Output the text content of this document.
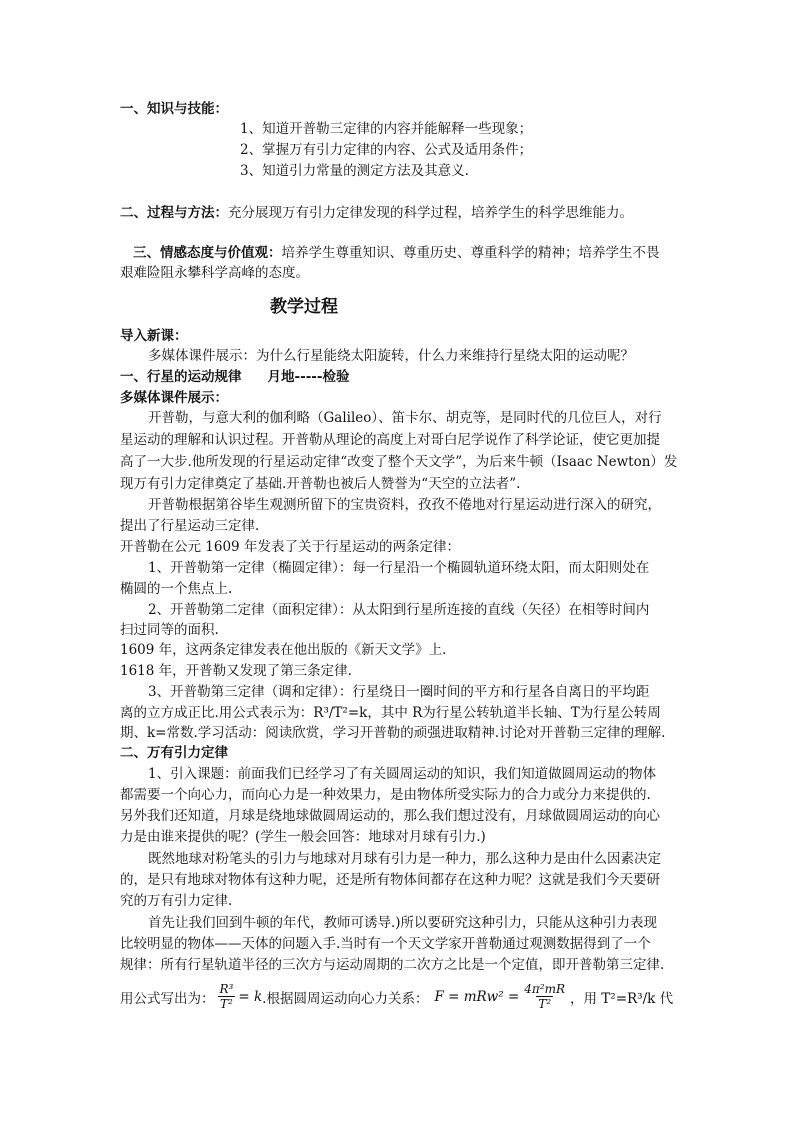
一、知识与技能：
1、知道开普勒三定律的内容并能解释一些现象；
2、掌握万有引力定律的内容、公式及适用条件；
3、知道引力常量的测定方法及其意义.
二、过程与方法：充分展现万有引力定律发现的科学过程，培养学生的科学思维能力。
三、情感态度与价值观：培养学生尊重知识、尊重历史、尊重科学的精神；培养学生不畏
艰难险阻永攀科学高峰的态度。
教学过程
导入新课：
多媒体课件展示：为什么行星能绕太阳旋转，什么力来维持行星绕太阳的运动呢？
一、行星的运动规律 月地-----检验
多媒体课件展示：
开普勒，与意大利的伽利略（Galileo）、笛卡尔、胡克等，是同时代的几位巨人，对行
星运动的理解和认识过程。开普勒从理论的高度上对哥白尼学说作了科学论证，使它更加提
高了一大步.他所发现的行星运动定律“改变了整个天文学”，为后来牛顿（Isaac Newton）发
现万有引力定律奠定了基础.开普勒也被后人赞誉为“天空的立法者”.
开普勒根据第谷毕生观测所留下的宝贵资料，孜孜不倦地对行星运动进行深入的研究，
提出了行星运动三定律.
开普勒在公元 1609 年发表了关于行星运动的两条定律：
1、开普勒第一定律（椭圆定律）：每一行星沿一个椭圆轨道环绕太阳，而太阳则处在
椭圆的一个焦点上.
2、开普勒第二定律（面积定律）：从太阳到行星所连接的直线（矢径）在相等时间内
扫过同等的面积.
1609 年，这两条定律发表在他出版的《新天文学》上.
1618 年，开普勒又发现了第三条定律.
3、开普勒第三定律（调和定律）：行星绕日一圈时间的平方和行星各自离日的平均距
离的立方成正比.用公式表示为：R³/T²=k，其中 R为行星公转轨道半长轴、T为行星公转周
期、k=常数.学习活动：阅读欣赏，学习开普勒的顽强进取精神.讨论对开普勒三定律的理解.
二、万有引力定律
1、引入课题：前面我们已经学习了有关圆周运动的知识，我们知道做圆周运动的物体
都需要一个向心力，而向心力是一种效果力，是由物体所受实际力的合力或分力来提供的.
另外我们还知道，月球是绕地球做圆周运动的，那么我们想过没有，月球做圆周运动的向心
力是由谁来提供的呢？(学生一般会回答：地球对月球有引力.)
既然地球对粉笔头的引力与地球对月球有引力是一种力，那么这种力是由什么因素决定
的，是只有地球对物体有这种力呢，还是所有物体间都存在这种力呢？这就是我们今天要研
究的万有引力定律.
首先让我们回到牛顿的年代，教师可诱导.)所以要研究这种引力，只能从这种引力表现
比较明显的物体——天体的问题入手.当时有一个天文学家开普勒通过观测数据得到了一个
规律：所有行星轨道半径的三次方与运动周期的二次方之比是一个定值，即开普勒第三定律.
用公式写出为： $\frac{\text{R³}}{\text{T²}} = k$ .根据圆周运动向心力关系： $F = mRw^2 = \frac{\text{4π²mR}}{\text{T²}}$ ，用 T²=R³/k 代
